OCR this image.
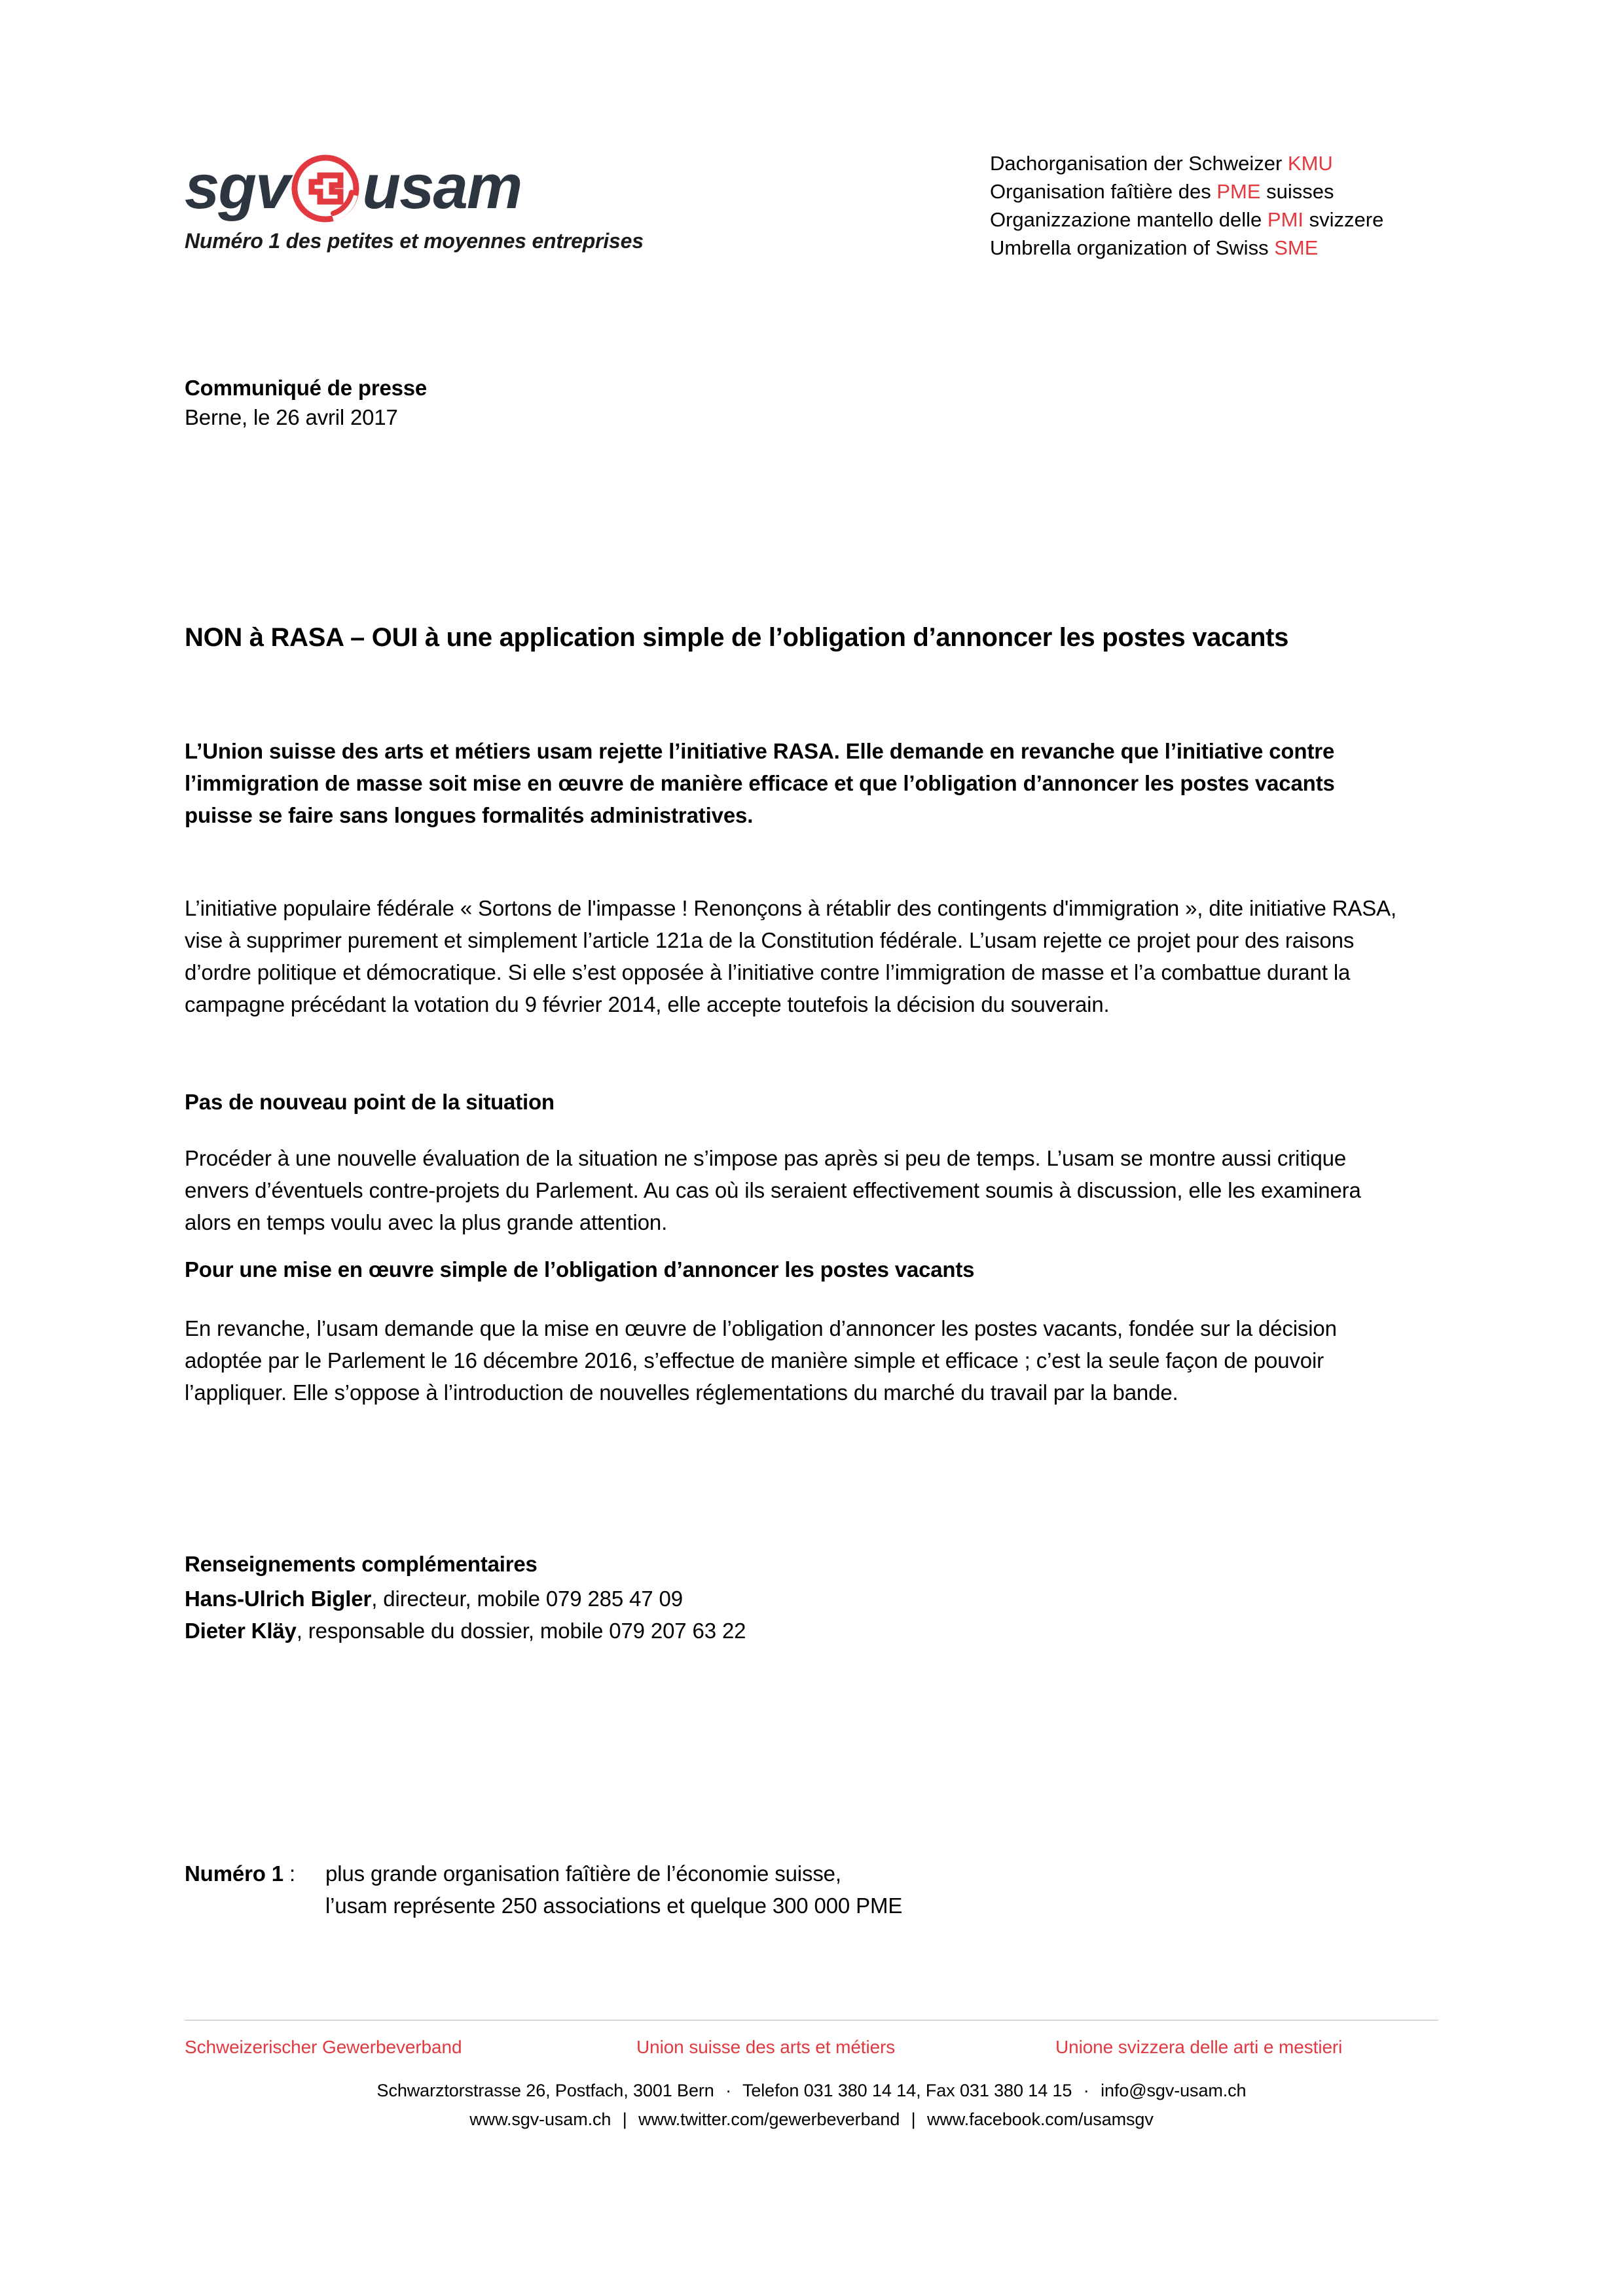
sgv usam
Numéro 1 des petites et moyennes entreprises
Dachorganisation der Schweizer KMU
Organisation faîtière des PME suisses
Organizzazione mantello delle PMI svizzere
Umbrella organization of Swiss SME
Communiqué de presse
Berne, le 26 avril 2017
NON à RASA – OUI à une application simple de l’obligation d’annoncer les postes vacants

L’Union suisse des arts et métiers usam rejette l’initiative RASA. Elle demande en revanche que l’initiative contre l’immigration de masse soit mise en œuvre de manière efficace et que l’obligation d’annoncer les postes vacants puisse se faire sans longues formalités administratives.

L’initiative populaire fédérale « Sortons de l'impasse ! Renonçons à rétablir des contingents d'immigration », dite initiative RASA, vise à supprimer purement et simplement l’article 121a de la Constitution fédérale. L’usam rejette ce projet pour des raisons d’ordre politique et démocratique. Si elle s’est opposée à l’initiative contre l’immigration de masse et l’a combattue durant la campagne précédant la votation du 9 février 2014, elle accepte toutefois la décision du souverain.

Pas de nouveau point de la situation

Procéder à une nouvelle évaluation de la situation ne s’impose pas après si peu de temps. L’usam se montre aussi critique envers d’éventuels contre-projets du Parlement. Au cas où ils seraient effectivement soumis à discussion, elle les examinera alors en temps voulu avec la plus grande attention.

Pour une mise en œuvre simple de l’obligation d’annoncer les postes vacants

En revanche, l’usam demande que la mise en œuvre de l’obligation d’annoncer les postes vacants, fondée sur la décision adoptée par le Parlement le 16 décembre 2016, s’effectue de manière simple et efficace ; c’est la seule façon de pouvoir l’appliquer. Elle s’oppose à l’introduction de nouvelles réglementations du marché du travail par la bande.

Renseignements complémentaires
Hans-Ulrich Bigler, directeur, mobile 079 285 47 09
Dieter Kläy, responsable du dossier, mobile 079 207 63 22
Numéro 1 :	plus grande organisation faîtière de l’économie suisse,
l’usam représente 250 associations et quelque 300 000 PME
Schweizerischer Gewerbeverband	Union suisse des arts et métiers	Unione svizzera delle arti e mestieri
Schwarztorstrasse 26, Postfach, 3001 Bern · Telefon 031 380 14 14, Fax 031 380 14 15 · info@sgv-usam.ch
www.sgv-usam.ch | www.twitter.com/gewerbeverband | www.facebook.com/usamsgv
